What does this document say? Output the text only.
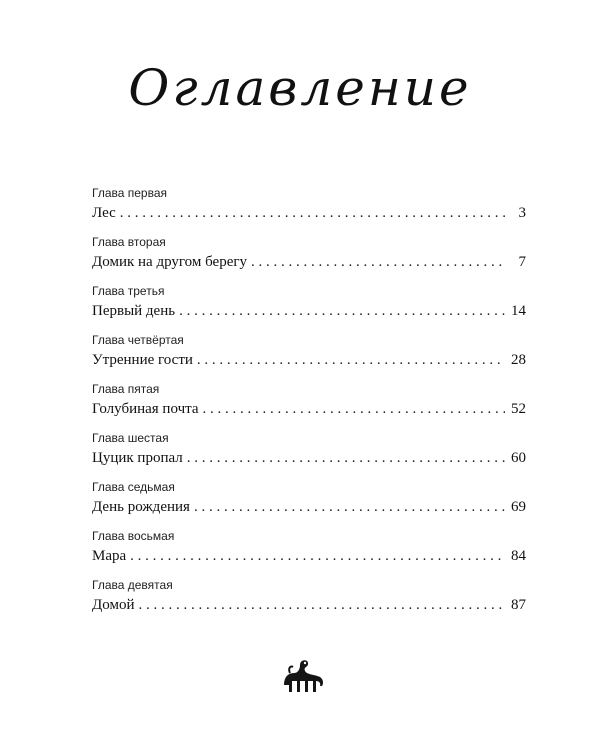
Оглавление
Глава первая
Лес . . .	3
Глава вторая
Домик на другом берегу . . .	7
Глава третья
Первый день . . .	14
Глава четвёртая
Утренние гости . . .	28
Глава пятая
Голубиная почта . . .	52
Глава шестая
Цуцик пропал . . .	60
Глава седьмая
День рождения . . .	69
Глава восьмая
Мара . . .	84
Глава девятая
Домой . . .	87
